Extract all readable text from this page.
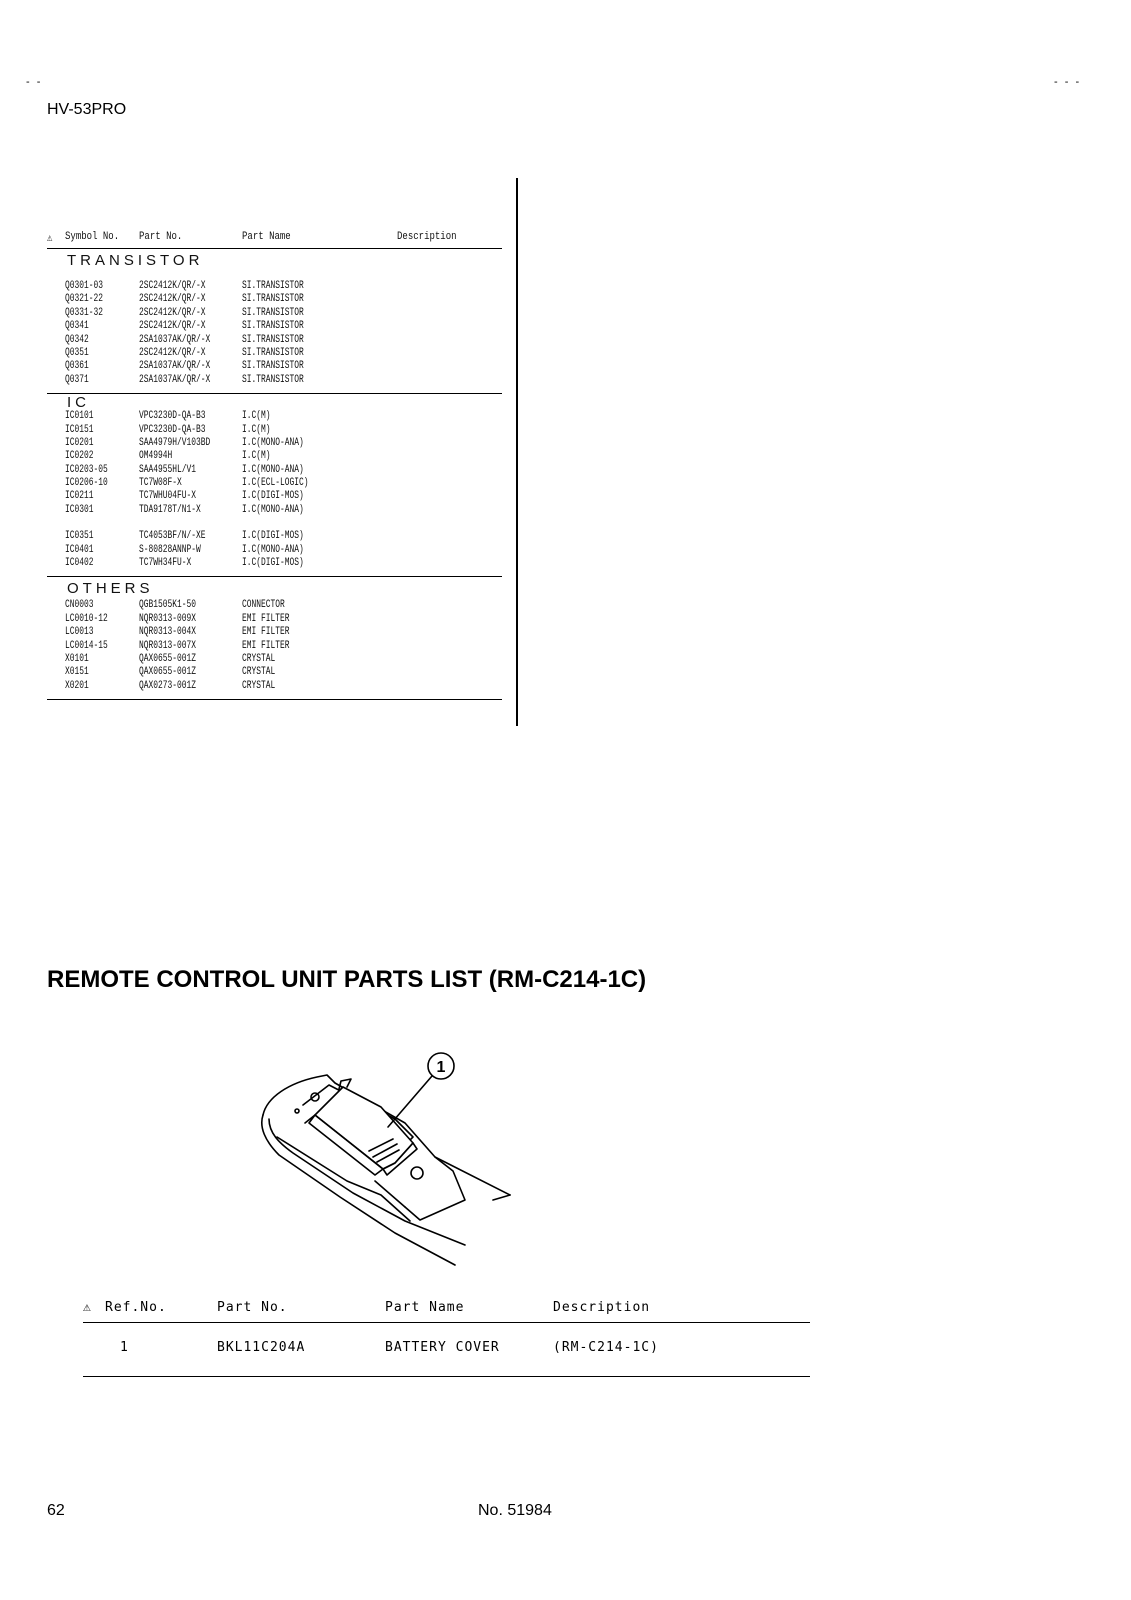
- -	- - -
HV-53PRO
⚠ Symbol No. Part No.	Part Name	Description
TRANSISTOR
Q0301-03	2SC2412K/QR/-X	SI.TRANSISTOR
Q0321-22	2SC2412K/QR/-X	SI.TRANSISTOR
Q0331-32	2SC2412K/QR/-X	SI.TRANSISTOR
Q0341	2SC2412K/QR/-X	SI.TRANSISTOR
Q0342	2SA1037AK/QR/-X	SI.TRANSISTOR
Q0351	2SC2412K/QR/-X	SI.TRANSISTOR
Q0361	2SA1037AK/QR/-X	SI.TRANSISTOR
Q0371	2SA1037AK/QR/-X	SI.TRANSISTOR
IC
IC0101	VPC3230D-QA-B3	I.C(M)
IC0151	VPC3230D-QA-B3	I.C(M)
IC0201	SAA4979H/V103BD	I.C(MONO-ANA)
IC0202	OM4994H	I.C(M)
IC0203-05	SAA4955HL/V1	I.C(MONO-ANA)
IC0206-10	TC7W08F-X	I.C(ECL-LOGIC)
IC0211	TC7WHU04FU-X	I.C(DIGI-MOS)
IC0301	TDA9178T/N1-X	I.C(MONO-ANA)
IC0351	TC4053BF/N/-XE	I.C(DIGI-MOS)
IC0401	S-80828ANNP-W	I.C(MONO-ANA)
IC0402	TC7WH34FU-X	I.C(DIGI-MOS)
OTHERS
CN0003	QGB1505K1-50	CONNECTOR
LC0010-12	NQR0313-009X	EMI FILTER
LC0013	NQR0313-004X	EMI FILTER
LC0014-15	NQR0313-007X	EMI FILTER
X0101	QAX0655-001Z	CRYSTAL
X0151	QAX0655-001Z	CRYSTAL
X0201	QAX0273-001Z	CRYSTAL
REMOTE CONTROL UNIT PARTS LIST (RM-C214-1C)
1
⚠ Ref.No.	Part No.	Part Name	Description
1	BKL11C204A	BATTERY COVER	(RM-C214-1C)
62	No. 51984
